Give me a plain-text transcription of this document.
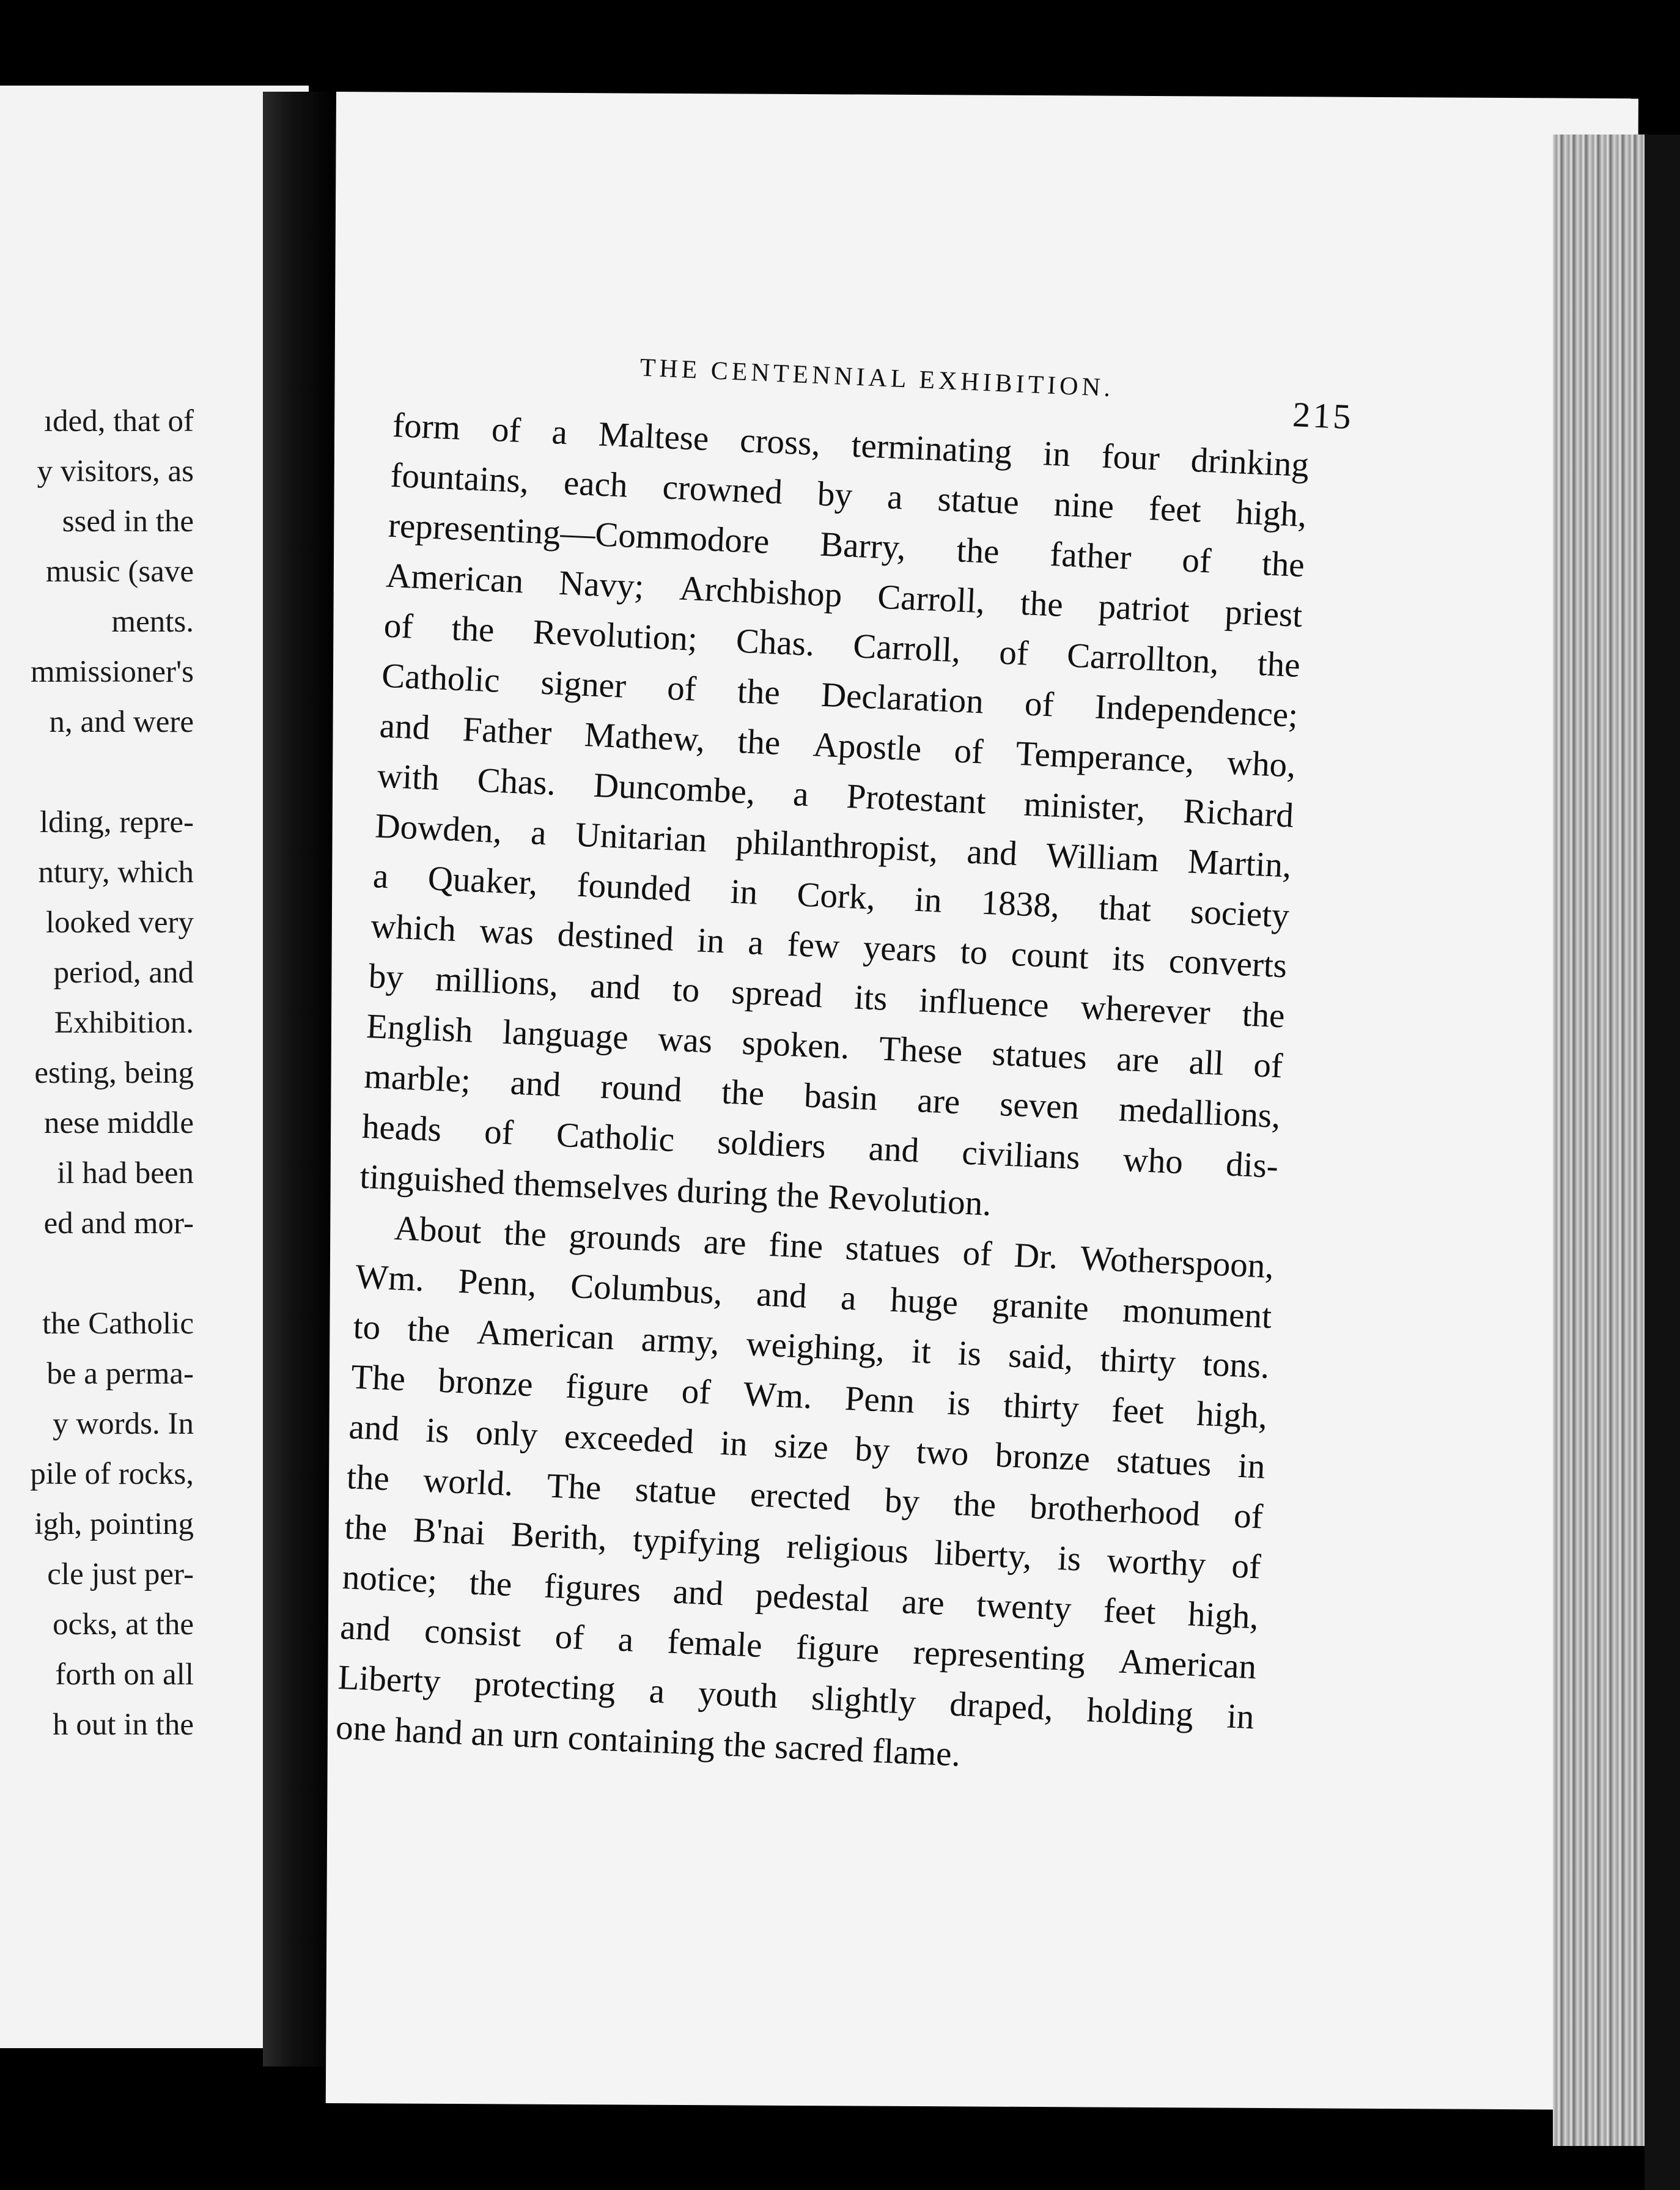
ıded, that of
y visitors, as
ssed in the
music (save
ments.
mmissioner's
n, and were
lding, repre-
ntury, which
looked very
period, and
Exhibition.
esting, being
nese middle
il had been
ed and mor-
the Catholic
be a perma-
y words. In
pile of rocks,
igh, pointing
cle just per-
ocks, at the
forth on all
h out in the
THE CENTENNIAL EXHIBITION.
215
form of a Maltese cross, terminating in four drinking
fountains, each crowned by a statue nine feet high,
representing—Commodore Barry, the father of the
American Navy; Archbishop Carroll, the patriot priest
of the Revolution; Chas. Carroll, of Carrollton, the
Catholic signer of the Declaration of Independence;
and Father Mathew, the Apostle of Temperance, who,
with Chas. Duncombe, a Protestant minister, Richard
Dowden, a Unitarian philanthropist, and William Martin,
a Quaker, founded in Cork, in 1838, that society
which was destined in a few years to count its converts
by millions, and to spread its influence wherever the
English language was spoken. These statues are all of
marble; and round the basin are seven medallions,
heads of Catholic soldiers and civilians who dis-
tinguished
themselves
during
the
Revolution.
About the grounds are fine statues of Dr. Wotherspoon,
Wm. Penn, Columbus, and a huge granite monument
to the American army, weighing, it is said, thirty tons.
The bronze figure of Wm. Penn is thirty feet high,
and is only exceeded in size by two bronze statues in
the world. The statue erected by the brotherhood of
the B'nai Berith, typifying religious liberty, is worthy of
notice; the figures and pedestal are twenty feet high,
and consist of a female figure representing American
Liberty protecting a youth slightly draped, holding in
one
hand
an
urn
containing
the
sacred
flame.
